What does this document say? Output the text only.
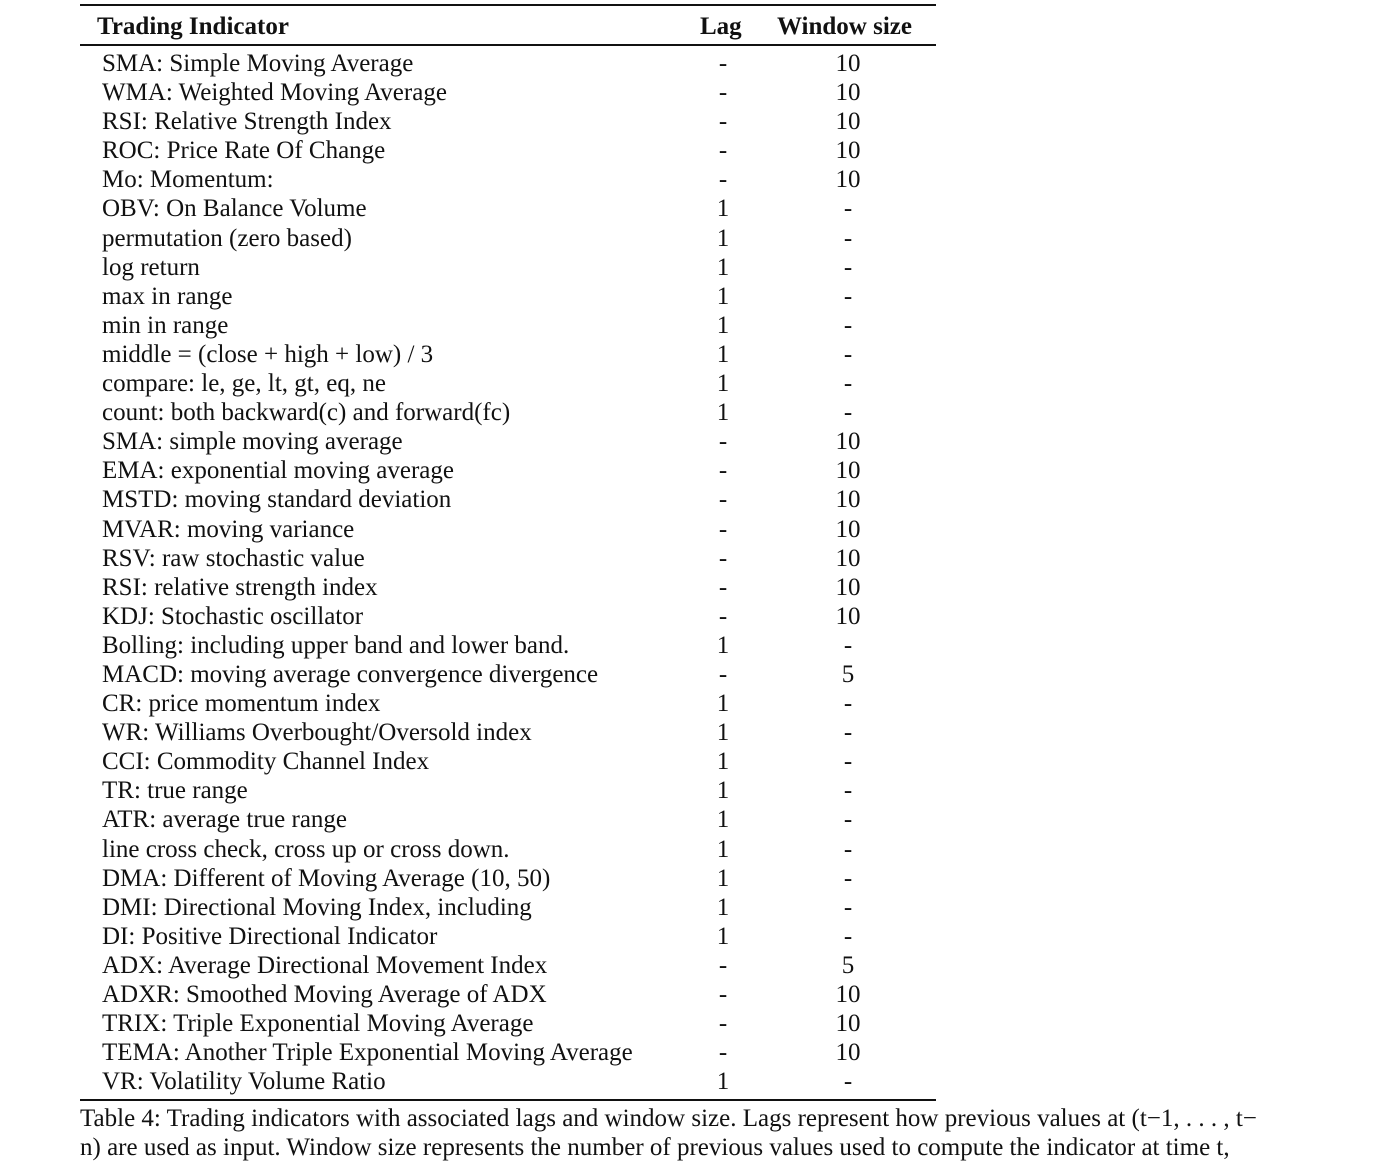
Trading Indicator	Lag Window size
SMA: Simple Moving Average	-	10
WMA: Weighted Moving Average	-	10
RSI: Relative Strength Index	-	10
ROC: Price Rate Of Change	-	10
Mo: Momentum:	-	10
OBV: On Balance Volume	1	-
permutation (zero based)	1	-
log return	1	-
max in range	1	-
min in range	1	-
middle = (close + high + low) / 3	1	-
compare: le, ge, lt, gt, eq, ne	1	-
count: both backward(c) and forward(fc)	1	-
SMA: simple moving average	-	10
EMA: exponential moving average	-	10
MSTD: moving standard deviation	-	10
MVAR: moving variance	-	10
RSV: raw stochastic value	-	10
RSI: relative strength index	-	10
KDJ: Stochastic oscillator	-	10
Bolling: including upper band and lower band.	1	-
MACD: moving average convergence divergence	-	5
CR: price momentum index	1	-
WR: Williams Overbought/Oversold index	1	-
CCI: Commodity Channel Index	1	-
TR: true range	1	-
ATR: average true range	1	-
line cross check, cross up or cross down.	1	-
DMA: Different of Moving Average (10, 50)	1	-
DMI: Directional Moving Index, including	1	-
DI: Positive Directional Indicator	1	-
ADX: Average Directional Movement Index	-	5
ADXR: Smoothed Moving Average of ADX	-	10
TRIX: Triple Exponential Moving Average	-	10
TEMA: Another Triple Exponential Moving Average	-	10
VR: Volatility Volume Ratio	1	-
Table 4: Trading indicators with associated lags and window size. Lags represent how previous values at (t−1, . . . , t−
n) are used as input. Window size represents the number of previous values used to compute the indicator at time t,
